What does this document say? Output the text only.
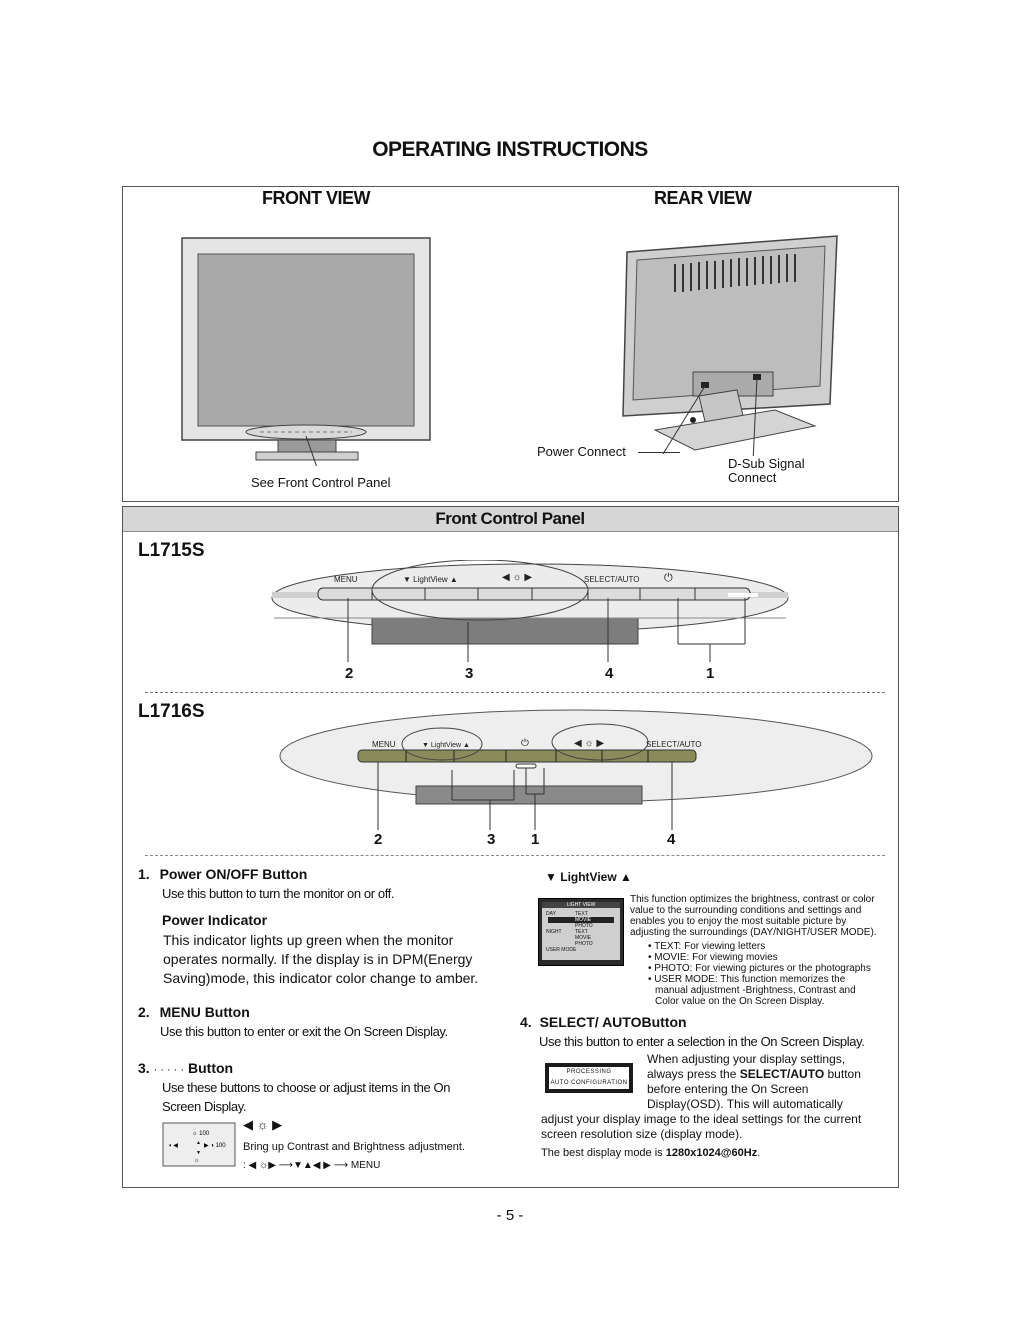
OPERATING INSTRUCTIONS
FRONT VIEW	REAR VIEW
See Front Control Panel
Power Connect
D-Sub Signal
Connect
Front Control Panel
L1715S
MENU	▼ LightView ▲	◀ ☼ ▶	SELECT/AUTO ⏻
2	3	4	1
L1716S
MENU	▼ LightView ▲	⏻	◀ ☼ ▶	SELECT/AUTO
2	3 1	4
1. Power ON/OFF Button
Use this button to turn the monitor on or off.
Power Indicator
This indicator lights up green when the monitor
operates normally. If the display is in DPM(Energy
Saving)mode, this indicator color change to amber.
2. MENU Button
Use this button to enter or exit the On Screen Display.
3. · · · · · Button
Use these buttons to choose or adjust items in the On
Screen Display.
☼ 100
◑ ◀	▶ ◑ 100
▲
▼
☼
◀ ☼ ▶
Bring up Contrast and Brightness adjustment.
: ◀ ☼▶ ⟶▼▲◀ ▶ ⟶ MENU
▼ LightView ▲
LIGHT VIEW
DAY	TEXT
MOVIE
PHOTO
NIGHT	TEXT
MOVIE
PHOTO
USER MODE
This function optimizes the brightness, contrast or color
value to the surrounding conditions and settings and
enables you to enjoy the most suitable picture by
adjusting the surroundings (DAY/NIGHT/USER MODE).
• TEXT: For viewing letters
• MOVIE: For viewing movies
• PHOTO: For viewing pictures or the photographs
• USER MODE: This function memorizes the
manual adjustment -Brightness, Contrast and
Color value on the On Screen Display.
4. SELECT/ AUTOButton
Use this button to enter a selection in the On Screen Display.
PROCESSING
AUTO CONFIGURATION
When adjusting your display settings,
always press the SELECT/AUTO button
before entering the On Screen
Display(OSD). This will automatically
adjust your display image to the ideal settings for the current
screen resolution size (display mode).
The best display mode is 1280x1024@60Hz.
- 5 -
